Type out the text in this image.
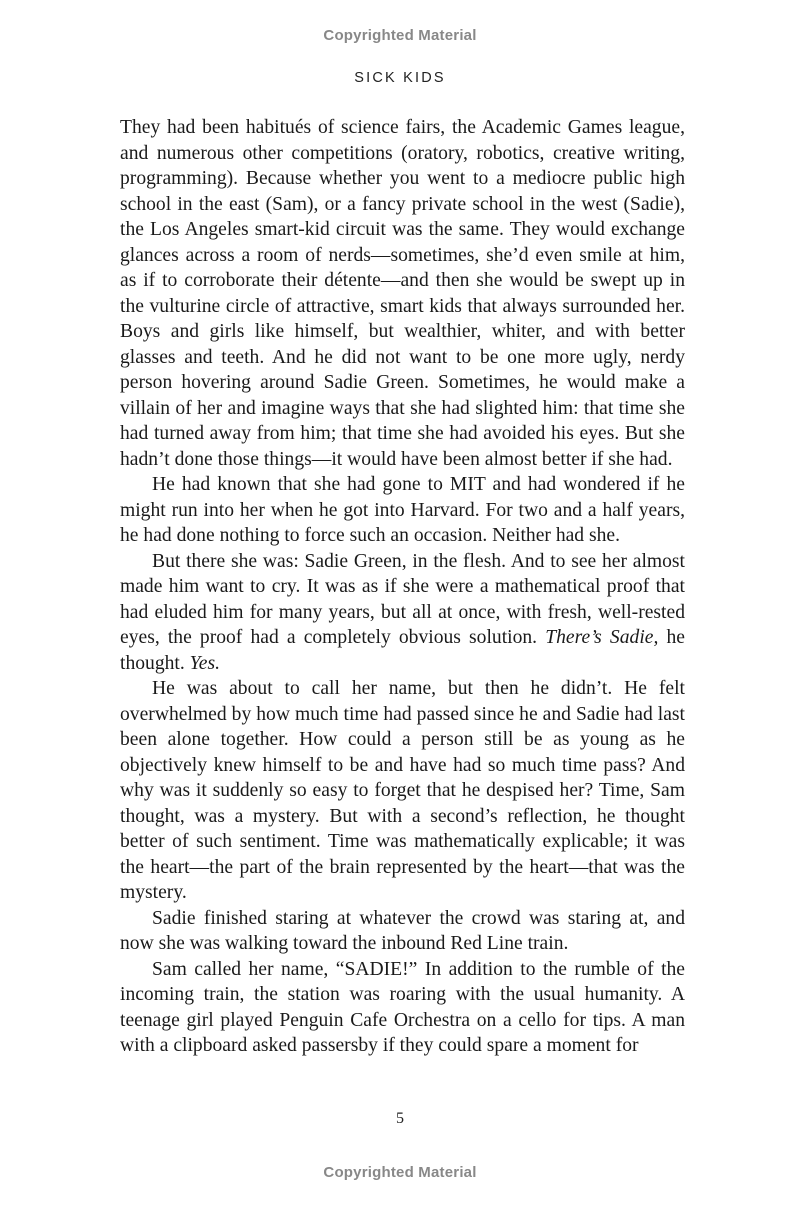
Copyrighted Material
SICK KIDS

They had been habitués of science fairs, the Academic Games league, and numerous other competitions (oratory, robotics, creative writing, programming). Because whether you went to a mediocre public high school in the east (Sam), or a fancy private school in the west (Sadie), the Los Angeles smart-kid circuit was the same. They would exchange glances across a room of nerds—sometimes, she’d even smile at him, as if to corroborate their détente—and then she would be swept up in the vulturine circle of attractive, smart kids that always surrounded her. Boys and girls like himself, but wealthier, whiter, and with better glasses and teeth. And he did not want to be one more ugly, nerdy person hovering around Sadie Green. Sometimes, he would make a villain of her and imagine ways that she had slighted him: that time she had turned away from him; that time she had avoided his eyes. But she hadn’t done those things—it would have been almost better if she had.

He had known that she had gone to MIT and had wondered if he might run into her when he got into Harvard. For two and a half years, he had done nothing to force such an occasion. Neither had she.

But there she was: Sadie Green, in the flesh. And to see her almost made him want to cry. It was as if she were a mathematical proof that had eluded him for many years, but all at once, with fresh, well-rested eyes, the proof had a completely obvious solution. There’s Sadie, he thought. Yes.

He was about to call her name, but then he didn’t. He felt overwhelmed by how much time had passed since he and Sadie had last been alone together. How could a person still be as young as he objectively knew himself to be and have had so much time pass? And why was it suddenly so easy to forget that he despised her? Time, Sam thought, was a mystery. But with a second’s reflection, he thought better of such sentiment. Time was mathematically explicable; it was the heart—the part of the brain represented by the heart—that was the mystery.

Sadie finished staring at whatever the crowd was staring at, and now she was walking toward the inbound Red Line train.

Sam called her name, “SADIE!” In addition to the rumble of the incoming train, the station was roaring with the usual humanity. A teenage girl played Penguin Cafe Orchestra on a cello for tips. A man with a clipboard asked passersby if they could spare a moment for

5
Copyrighted Material
